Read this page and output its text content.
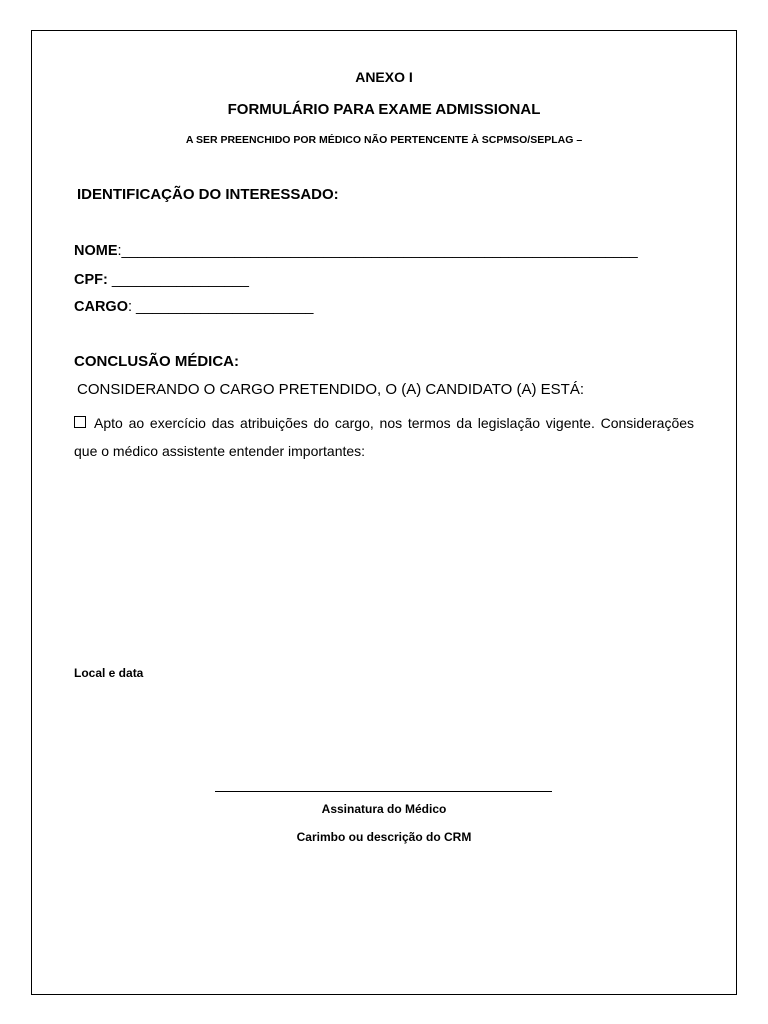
ANEXO I
FORMULÁRIO PARA EXAME ADMISSIONAL
A SER PREENCHIDO POR MÉDICO NÃO PERTENCENTE À SCPMSO/SEPLAG –
IDENTIFICAÇÃO DO INTERESSADO:
NOME:________________________________________________________________
CPF: _________________
CARGO: ______________________
CONCLUSÃO MÉDICA:
CONSIDERANDO O CARGO PRETENDIDO, O (A) CANDIDATO (A) ESTÁ:
Apto ao exercício das atribuições do cargo, nos termos da legislação vigente. Considerações que o médico assistente entender importantes:
Local e data
Assinatura do Médico
Carimbo ou descrição do CRM
